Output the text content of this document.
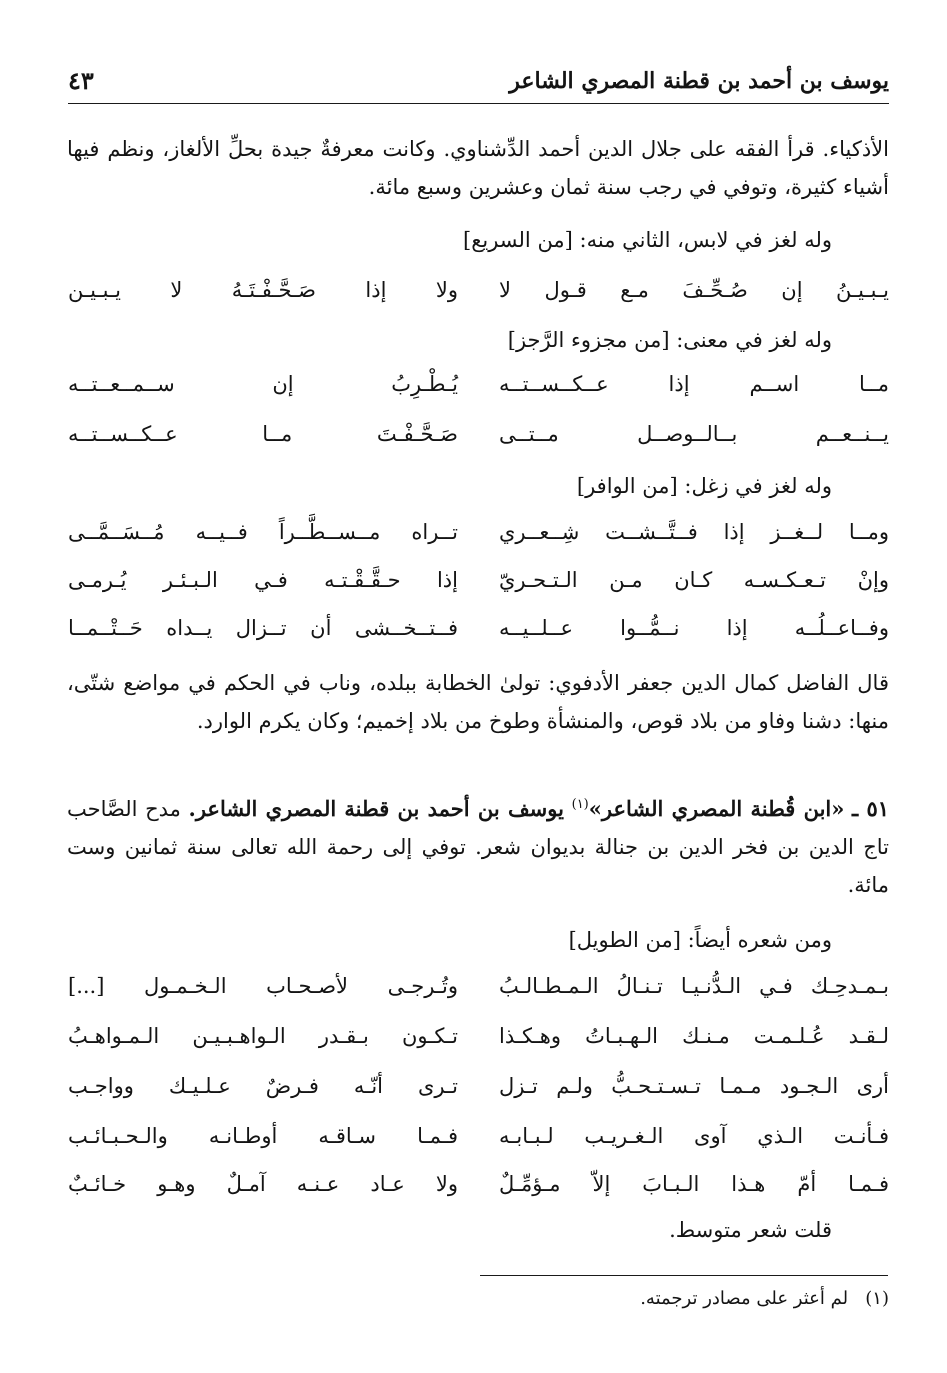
يوسف بن أحمد بن قطنة المصري الشاعر
٤٣
الأذكياء. قرأ الفقه على جلال الدين أحمد الدِّشناوي. وكانت معرفةٌ جيدة بحلِّ الألغاز، ونظم فيها أشياء كثيرة، وتوفي في رجب سنة ثمان وعشرين وسبع مائة.
وله لغز في لابس، الثاني منه: [من السريع]
يـبـيـنُ إن صُـحِّـفَ مـع قـول لا
ولا إذا صَـحَّـفْـتَـهُ لا يـبـيـن
وله لغز في معنى: [من مجزوء الرَّجز]
مــا اســم إذا عــكــســتــه
يُـطْـرِبُ إن ســمــعــتــه
يــنــعــم بــالــوصــل مــتــى
صَـحَّـفْـتَ مــا عــكــســتــه
وله لغز في زغل: [من الوافر]
ومــا لــغــز إذا فــتَّــشــت شِــعــري
تــراه مــســطَّــراً فــيــه مُــسَــمَّــى
وإنْ تـعـكـسـه كـان مـن الـتـحـريّ
إذا حـقَّـقْـتـه فـي الـبـئـر يُـرمـى
وفــاعــلُــه إذا نــمُّــوا عــلــيــه
فــتــخــشى أن تــزال يــداه حَــتْــمــا
قال الفاضل كمال الدين جعفر الأدفوي: تولىٰ الخطابة ببلده، وناب في الحكم في مواضع شتّى، منها: دشنا وفاو من بلاد قوص، والمنشأة وطوخ من بلاد إخميم؛ وكان يكرم الوارد.
٥١ ـ «ابن قُطنة المصري الشاعر»$^{(١)}$ يوسف بن أحمد بن قطنة المصري الشاعر. مدح الصَّاحب تاج الدين بن فخر الدين بن جنالة بديوان شعر. توفي إلى رحمة الله تعالى سنة ثمانين وست مائة.
ومن شعره أيضاً: [من الطويل]
بـمـدحِـك فـي الـدُّنـيـا تـنـالُ الـمـطـالـبُ
وتُـرجـى لأصـحـاب الـخـمـول [...]
لـقـد عُـلـمـت مـنـك الـهـبـاتُ وهـكـذا
تـكـون بـقـدر الـواهـبـيـن الـمـواهـبُ
أرى الـجـود مـمـا تـسـتـحـبُّ ولـم تـزل
تـرى أنّـه فـرضٌ عـلـيـك وواجـب
فـأنـت الـذي آوى الـغـريـب لـبـابـه
فـمـا سـاقـه أوطـانـه والـحـبـائـب
فـمـا أمّ هـذا الـبـابَ إلاّ مـؤمِّـلٌ
ولا عـاد عـنـه آمـلٌ وهـو خـائـبٌ
قلت شعر متوسط.
(١)   لم أعثر على مصادر ترجمته.
